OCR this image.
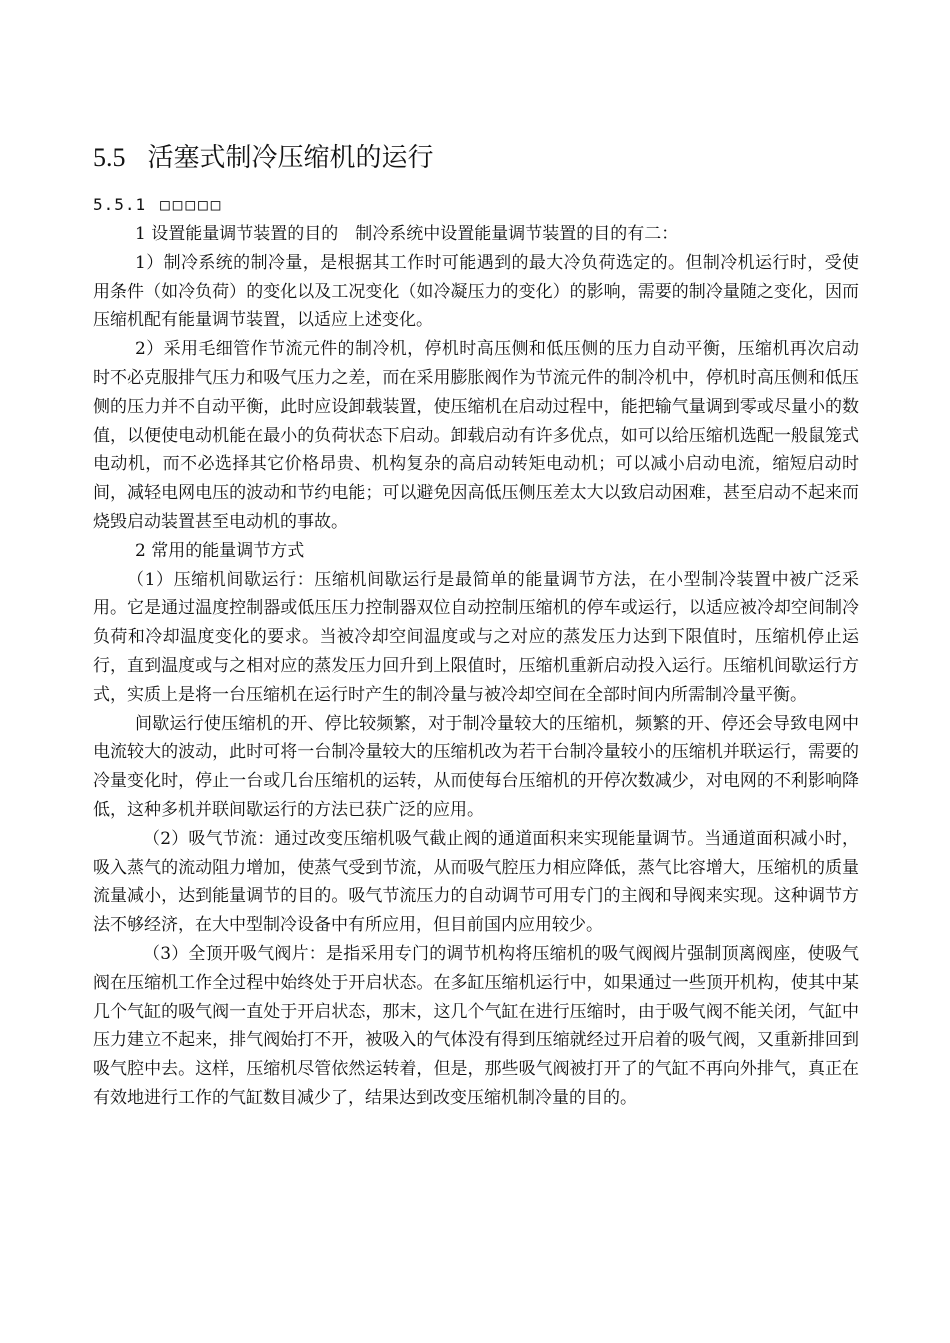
5.5 活塞式制冷压缩机的运行
5.5.1 □□□□□

1 设置能量调节装置的目的　制冷系统中设置能量调节装置的目的有二：

1）制冷系统的制冷量，是根据其工作时可能遇到的最大冷负荷选定的。但制冷机运行时，受使用条件（如冷负荷）的变化以及工况变化（如冷凝压力的变化）的影响，需要的制冷量随之变化，因而压缩机配有能量调节装置，以适应上述变化。

2）采用毛细管作节流元件的制冷机，停机时高压侧和低压侧的压力自动平衡，压缩机再次启动时不必克服排气压力和吸气压力之差，而在采用膨胀阀作为节流元件的制冷机中，停机时高压侧和低压侧的压力并不自动平衡，此时应设卸载装置，使压缩机在启动过程中，能把输气量调到零或尽量小的数值，以便使电动机能在最小的负荷状态下启动。卸载启动有许多优点，如可以给压缩机选配一般鼠笼式电动机，而不必选择其它价格昂贵、机构复杂的高启动转矩电动机；可以减小启动电流，缩短启动时间，减轻电网电压的波动和节约电能；可以避免因高低压侧压差太大以致启动困难，甚至启动不起来而烧毁启动装置甚至电动机的事故。

2 常用的能量调节方式

（1）压缩机间歇运行：压缩机间歇运行是最简单的能量调节方法，在小型制冷装置中被广泛采用。它是通过温度控制器或低压压力控制器双位自动控制压缩机的停车或运行，以适应被冷却空间制冷负荷和冷却温度变化的要求。当被冷却空间温度或与之对应的蒸发压力达到下限值时，压缩机停止运行，直到温度或与之相对应的蒸发压力回升到上限值时，压缩机重新启动投入运行。压缩机间歇运行方式，实质上是将一台压缩机在运行时产生的制冷量与被冷却空间在全部时间内所需制冷量平衡。

间歇运行使压缩机的开、停比较频繁，对于制冷量较大的压缩机，频繁的开、停还会导致电网中电流较大的波动，此时可将一台制冷量较大的压缩机改为若干台制冷量较小的压缩机并联运行，需要的冷量变化时，停止一台或几台压缩机的运转，从而使每台压缩机的开停次数减少，对电网的不利影响降低，这种多机并联间歇运行的方法已获广泛的应用。

（2）吸气节流：通过改变压缩机吸气截止阀的通道面积来实现能量调节。当通道面积减小时，吸入蒸气的流动阻力增加，使蒸气受到节流，从而吸气腔压力相应降低，蒸气比容增大，压缩机的质量流量减小，达到能量调节的目的。吸气节流压力的自动调节可用专门的主阀和导阀来实现。这种调节方法不够经济，在大中型制冷设备中有所应用，但目前国内应用较少。

（3）全顶开吸气阀片：是指采用专门的调节机构将压缩机的吸气阀阀片强制顶离阀座，使吸气阀在压缩机工作全过程中始终处于开启状态。在多缸压缩机运行中，如果通过一些顶开机构，使其中某几个气缸的吸气阀一直处于开启状态，那末，这几个气缸在进行压缩时，由于吸气阀不能关闭，气缸中压力建立不起来，排气阀始打不开，被吸入的气体没有得到压缩就经过开启着的吸气阀，又重新排回到吸气腔中去。这样，压缩机尽管依然运转着，但是，那些吸气阀被打开了的气缸不再向外排气，真正在有效地进行工作的气缸数目减少了，结果达到改变压缩机制冷量的目的。
